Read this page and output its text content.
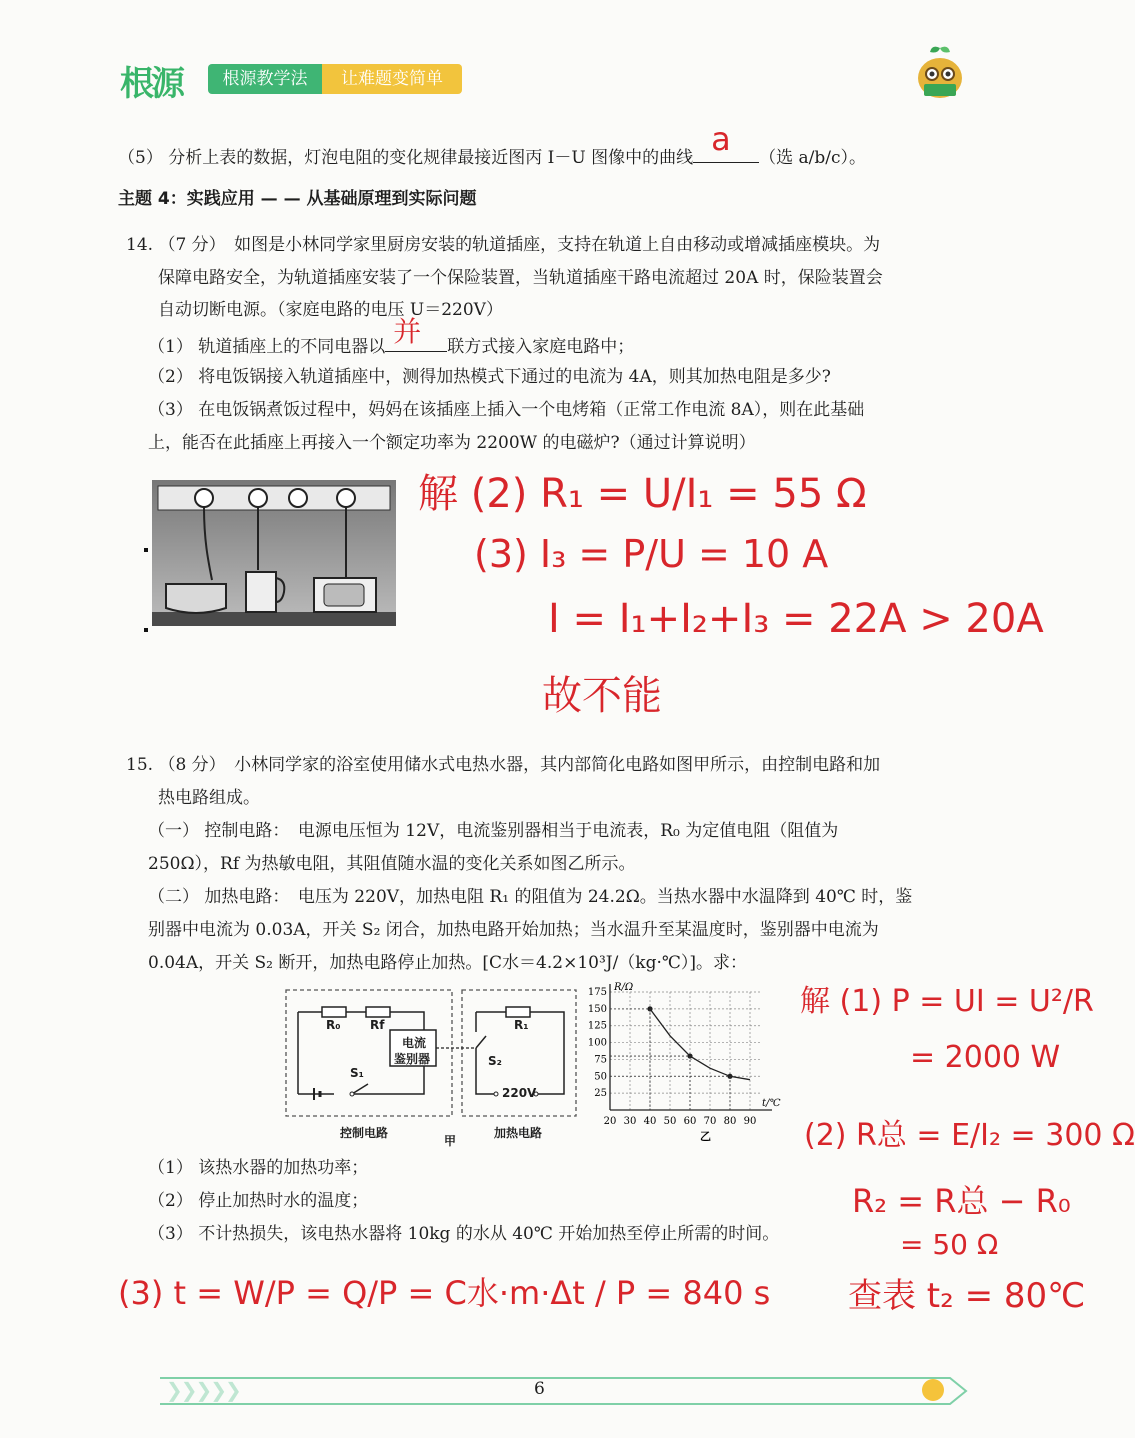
根源	根源教学法	让难题变简单
（5） 分析上表的数据，灯泡电阻的变化规律最接近图丙 I－U 图像中的曲线 a （选 a/b/c）。
主题 4：实践应用 — — 从基础原理到实际问题
14. （7 分）　如图是小林同学家里厨房安装的轨道插座，支持在轨道上自由移动或增减插座模块。为
保障电路安全，为轨道插座安装了一个保险装置，当轨道插座干路电流超过 20A 时，保险装置会
自动切断电源。（家庭电路的电压 U＝220V）
（1） 轨道插座上的不同电器以 并 联方式接入家庭电路中；
（2） 将电饭锅接入轨道插座中，测得加热模式下通过的电流为 4A，则其加热电阻是多少?
（3） 在电饭锅煮饭过程中，妈妈在该插座上插入一个电烤箱（正常工作电流 8A），则在此基础
上，能否在此插座上再接入一个额定功率为 2200W 的电磁炉?（通过计算说明）
解 (2) R₁ = U/I₁ = 55 Ω
(3) I₃ = P/U = 10 A
I = I₁+I₂+I₃ = 22A > 20A
故不能
15. （8 分）　小林同学家的浴室使用储水式电热水器，其内部简化电路如图甲所示，由控制电路和加
热电路组成。
（一） 控制电路：　电源电压恒为 12V，电流鉴别器相当于电流表，R₀ 为定值电阻（阻值为
250Ω），Rf 为热敏电阻，其阻值随水温的变化关系如图乙所示。
（二） 加热电路：　电压为 220V，加热电阻 R₁ 的阻值为 24.2Ω。当热水器中水温降到 40℃ 时，鉴
别器中电流为 0.03A，开关 S₂ 闭合，加热电路开始加热；当水温升至某温度时，鉴别器中电流为
0.04A，开关 S₂ 断开，加热电路停止加热。[C水＝4.2×10³J/（kg·℃）]。求：
R₀ Rf
电流
鉴别器
S₁
R₁
S₂
220V
控制电路
甲
加热电路
20 30 40 50 60 70 80 90
25
50
75
100
125
150
175 R/Ω
t/℃
乙
（1） 该热水器的加热功率；
（2） 停止加热时水的温度；
（3） 不计热损失，该电热水器将 10kg 的水从 40℃ 开始加热至停止所需的时间。
解 (1) P = UI = U²/R
= 2000 W
(2) R总 = E/I₂ = 300 Ω
R₂ = R总 − R₀
= 50 Ω
查表 t₂ = 80℃
(3) t = W/P = Q/P = C水·m·Δt / P = 840 s
❯❯❯❯❯	6
